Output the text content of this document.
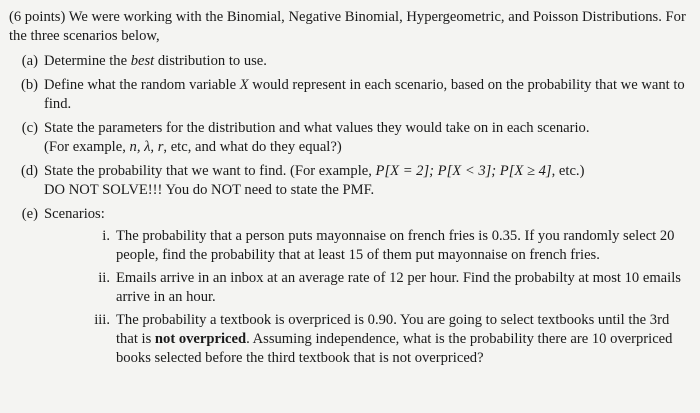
(6 points) We were working with the Binomial, Negative Binomial, Hypergeometric, and Poisson Distributions. For the three scenarios below,

(a) Determine the best distribution to use.
(b) Define what the random variable X would represent in each scenario, based on the probability that we want to find.
(c) State the parameters for the distribution and what values they would take on in each scenario.
(For example, n, λ, r, etc, and what do they equal?)
(d) State the probability that we want to find. (For example, P[X = 2]; P[X < 3]; P[X ≥ 4], etc.)
DO NOT SOLVE!!! You do NOT need to state the PMF.
(e) Scenarios:
i. The probability that a person puts mayonnaise on french fries is 0.35. If you randomly select 20 people, find the probability that at least 15 of them put mayonnaise on french fries.
ii. Emails arrive in an inbox at an average rate of 12 per hour. Find the probabilty at most 10 emails arrive in an hour.
iii. The probability a textbook is overpriced is 0.90. You are going to select textbooks until the 3rd that is not overpriced. Assuming independence, what is the probability there are 10 overpriced books selected before the third textbook that is not overpriced?
